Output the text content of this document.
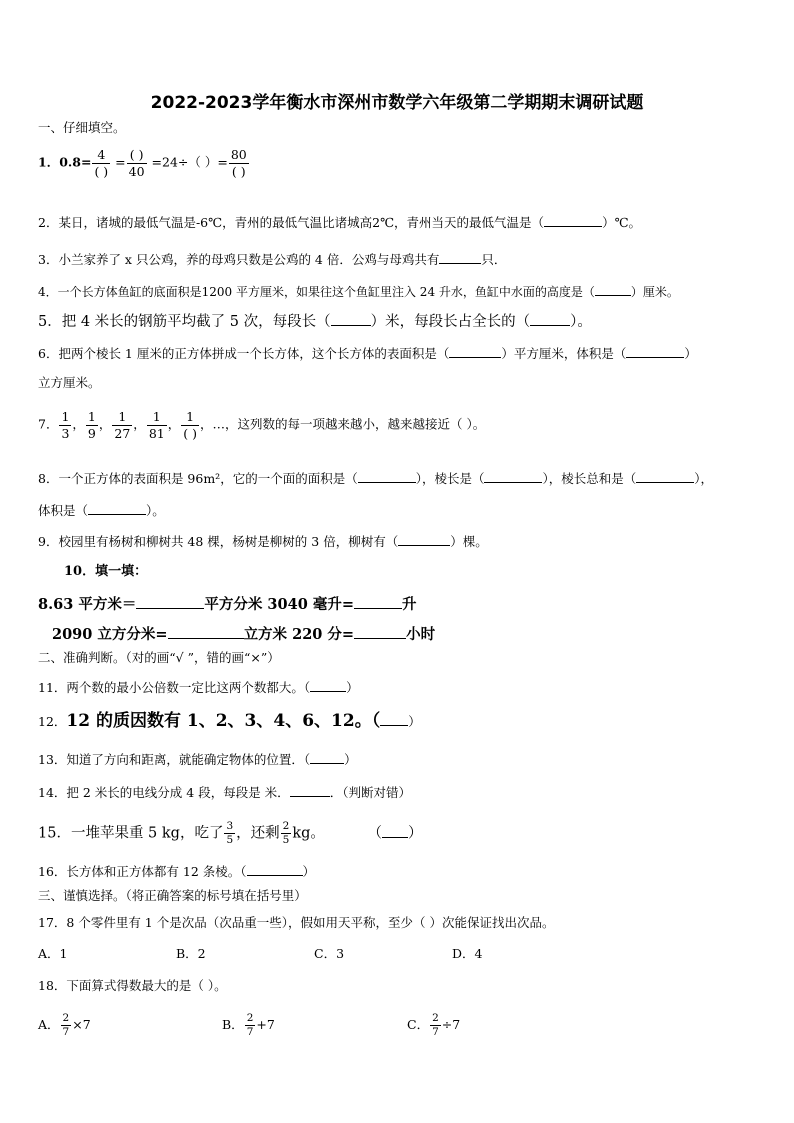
2022-2023学年衡水市深州市数学六年级第二学期期末调研试题
一、仔细填空。
1．$0.8= \frac{4}{( )} = \frac{( )}{40} =24\div$（ ）= $\frac{80}{( )}$
2．某日，诸城的最低气温是-6℃，青州的最低气温比诸城高2℃，青州当天的最低气温是（	）℃。
3．小兰家养了 x 只公鸡，养的母鸡只数是公鸡的 4 倍．公鸡与母鸡共有	只．
4．一个长方体鱼缸的底面积是1200 平方厘米，如果往这个鱼缸里注入 24 升水，鱼缸中水面的高度是（	）厘米。
5．把 4 米长的钢筋平均截了 5 次，每段长（	）米，每段长占全长的（	）。
6．把两个棱长 1 厘米的正方体拼成一个长方体，这个长方体的表面积是（	）平方厘米，体积是（	）
立方厘米。
7． $\frac{1}{3}$ ， $\frac{1}{9}$ ， $\frac{1}{27}$ ， $\frac{1}{81}$ ， $\frac{1}{( )}$ ，…，这列数的每一项越来越小，越来越接近（ ）。
8．一个正方体的表面积是 96m²，它的一个面的面积是（	），棱长是（	），棱长总和是（	），
体积是（	）。
9．校园里有杨树和柳树共 48 棵，杨树是柳树的 3 倍，柳树有（	）棵。
10．填一填：
8.63 平方米＝	平方分米 3040 毫升=	升
2090 立方分米=	立方米 220 分=	小时
二、准确判断。（对的画“√ ”，错的画“×”）
11．两个数的最小公倍数一定比这两个数都大。（	）
12．12 的质因数有 1、2、3、4、6、12。（ ）
13．知道了方向和距离，就能确定物体的位置．（	）
14．把 2 米长的电线分成 4 段，每段是 米．	．（判断对错）
15．一堆苹果重 5 kg，吃了 $\frac{3}{5}$ ，还剩 $\frac{2}{5}$ kg。	（ ）
16．长方体和正方体都有 12 条棱。（	）
三、谨慎选择。（将正确答案的标号填在括号里）
17．8 个零件里有 1 个是次品（次品重一些），假如用天平称，至少（ ）次能保证找出次品。
A．1	B．2	C．3	D．4
18．下面算式得数最大的是（ ）。
A． $\frac{2}{7} \times 7$	B． $\frac{2}{7} +7$	C． $\frac{2}{7} \div 7$
